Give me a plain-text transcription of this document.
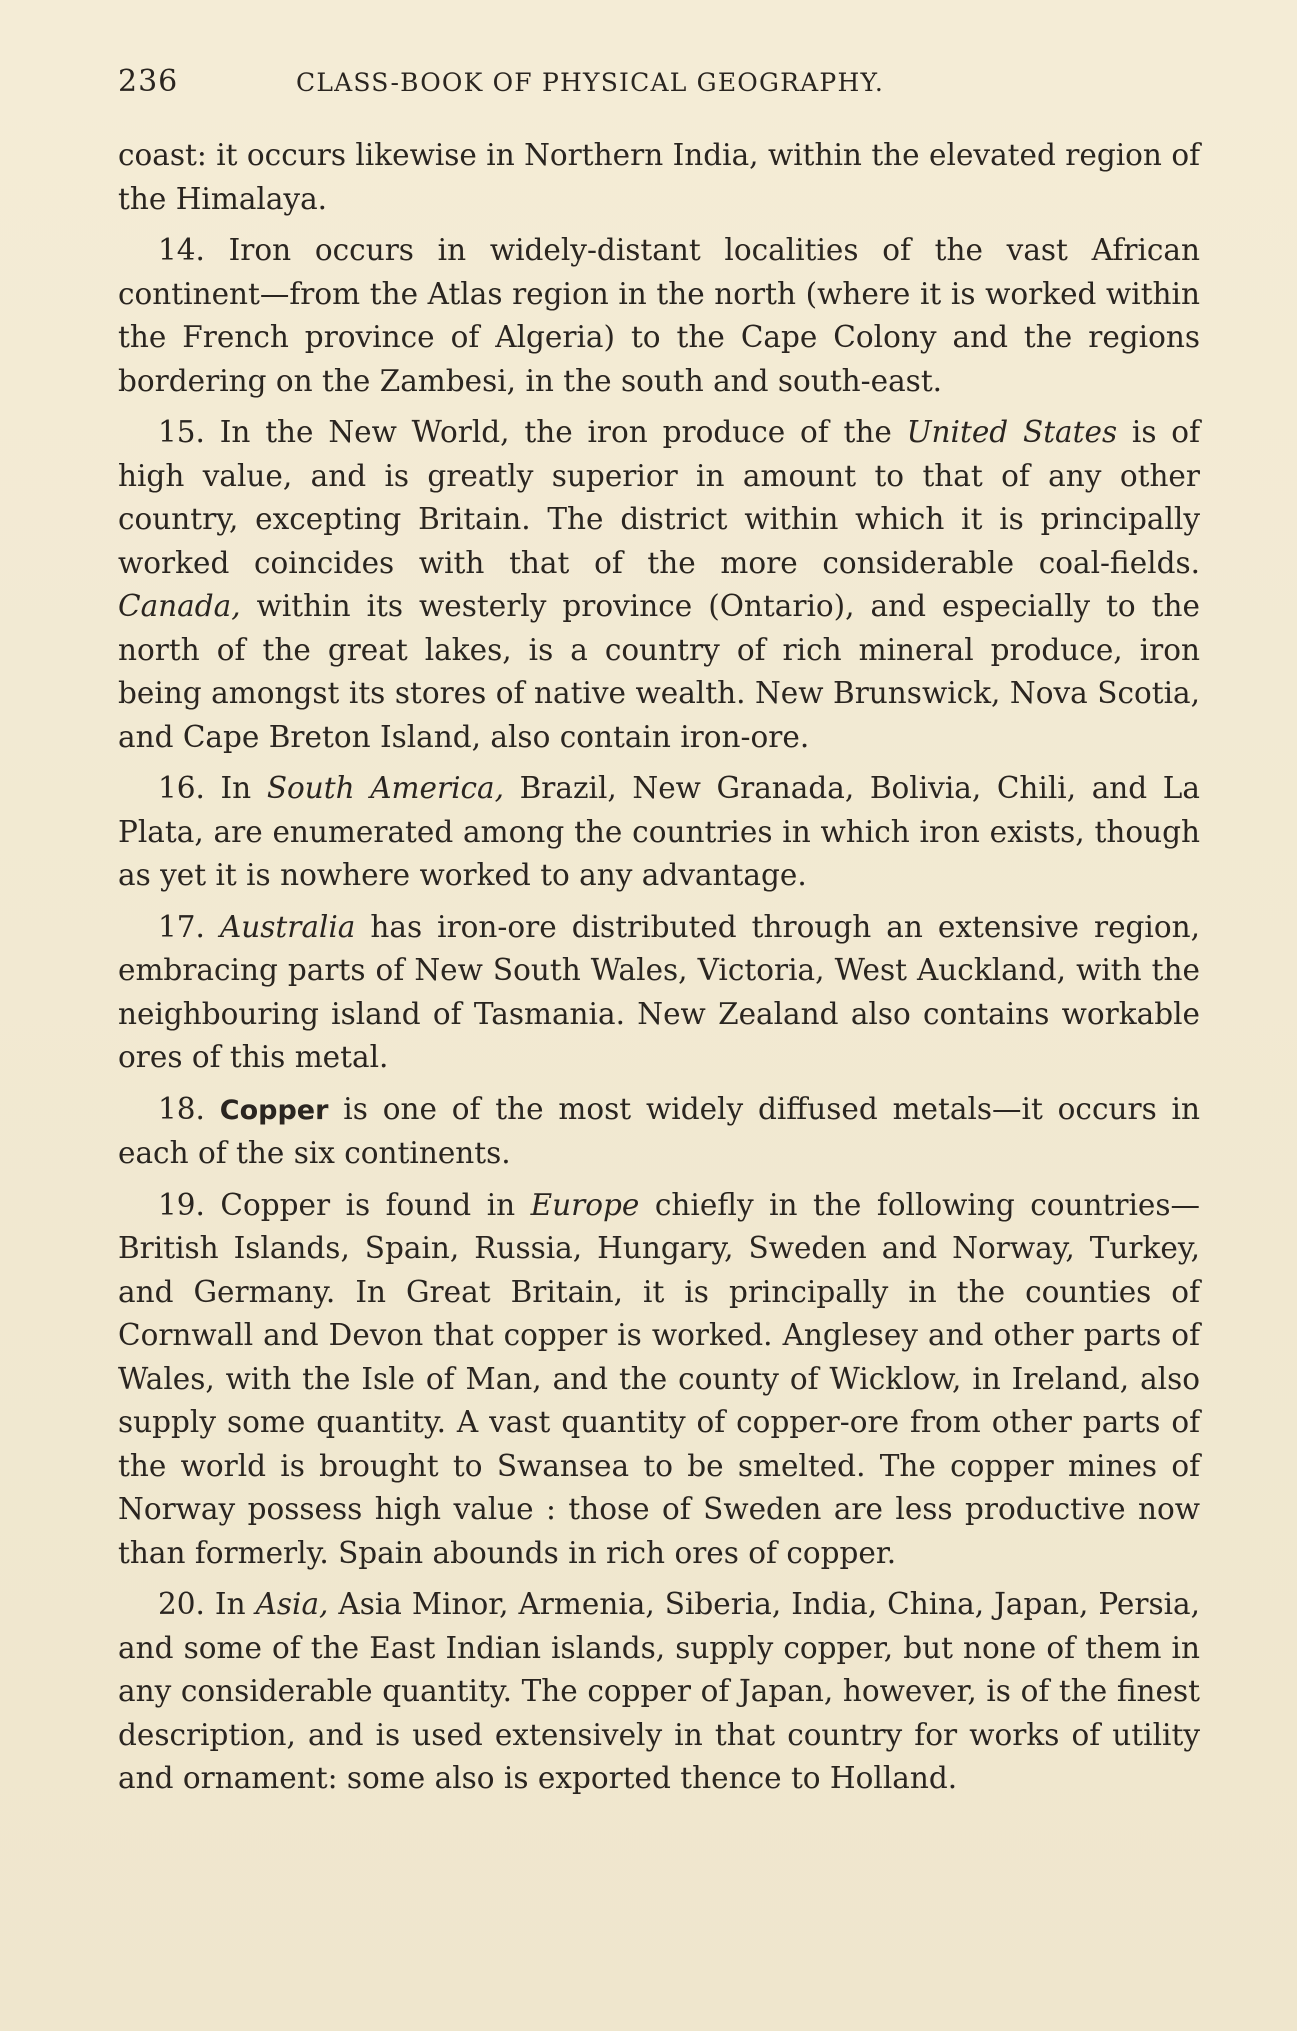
236	CLASS-BOOK OF PHYSICAL GEOGRAPHY.

coast: it occurs likewise in Northern India, within the elevated region of the Himalaya.

14. Iron occurs in widely-distant localities of the vast African continent—from the Atlas region in the north (where it is worked within the French province of Algeria) to the Cape Colony and the regions bordering on the Zambesi, in the south and south-east.

15. In the New World, the iron produce of the United States is of high value, and is greatly superior in amount to that of any other country, excepting Britain. The district within which it is principally worked coincides with that of the more considerable coal-fields. Canada, within its westerly province (Ontario), and especially to the north of the great lakes, is a country of rich mineral produce, iron being amongst its stores of native wealth. New Brunswick, Nova Scotia, and Cape Breton Island, also contain iron-ore.

16. In South America, Brazil, New Granada, Bolivia, Chili, and La Plata, are enumerated among the countries in which iron exists, though as yet it is nowhere worked to any advantage.

17. Australia has iron-ore distributed through an extensive region, embracing parts of New South Wales, Victoria, West Auckland, with the neighbouring island of Tasmania. New Zealand also contains workable ores of this metal.

18. Copper is one of the most widely diffused metals—it occurs in each of the six continents.

19. Copper is found in Europe chiefly in the following countries—British Islands, Spain, Russia, Hungary, Sweden and Norway, Turkey, and Germany. In Great Britain, it is principally in the counties of Cornwall and Devon that copper is worked. Anglesey and other parts of Wales, with the Isle of Man, and the county of Wicklow, in Ireland, also supply some quantity. A vast quantity of copper-ore from other parts of the world is brought to Swansea to be smelted. The copper mines of Norway possess high value : those of Sweden are less productive now than formerly. Spain abounds in rich ores of copper.

20. In Asia, Asia Minor, Armenia, Siberia, India, China, Japan, Persia, and some of the East Indian islands, supply copper, but none of them in any considerable quantity. The copper of Japan, however, is of the finest description, and is used extensively in that country for works of utility and ornament: some also is exported thence to Holland.
